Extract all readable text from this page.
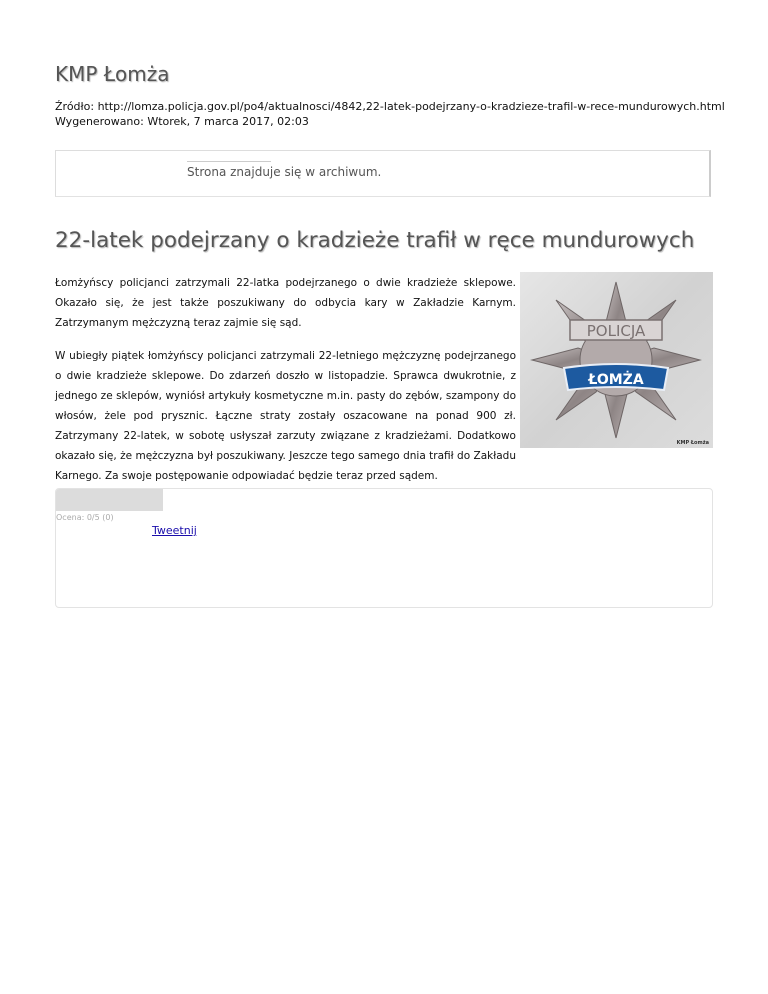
KMP Łomża
Źródło: http://lomza.policja.gov.pl/po4/aktualnosci/4842,22-latek-podejrzany-o-kradzieze-trafil-w-rece-mundurowych.html
Wygenerowano: Wtorek, 7 marca 2017, 02:03
Strona znajduje się w archiwum.
22-latek podejrzany o kradzieże trafił w ręce mundurowych

Łomżyńscy policjanci zatrzymali 22-latka podejrzanego o dwie kradzieże sklepowe. Okazało się, że jest także poszukiwany do odbycia kary w Zakładzie Karnym. Zatrzymanym mężczyzną teraz zajmie się sąd.

W ubiegły piątek łomżyńscy policjanci zatrzymali 22-letniego mężczyznę podejrzanego o dwie kradzieże sklepowe. Do zdarzeń doszło w listopadzie. Sprawca dwukrotnie, z jednego ze sklepów, wyniósł artykuły kosmetyczne m.in. pasty do zębów, szampony do włosów, żele pod prysznic. Łączne straty zostały oszacowane na ponad 900 zł. Zatrzymany 22-latek, w sobotę usłyszał zarzuty związane z kradzieżami. Dodatkowo okazało się, że mężczyzna był poszukiwany. Jeszcze tego samego dnia trafił do Zakładu Karnego. Za swoje postępowanie odpowiadać będzie teraz przed sądem.

POLICJA
ŁOMŻA
KMP Łomża
Ocena: 0/5 (0)
Tweetnij
